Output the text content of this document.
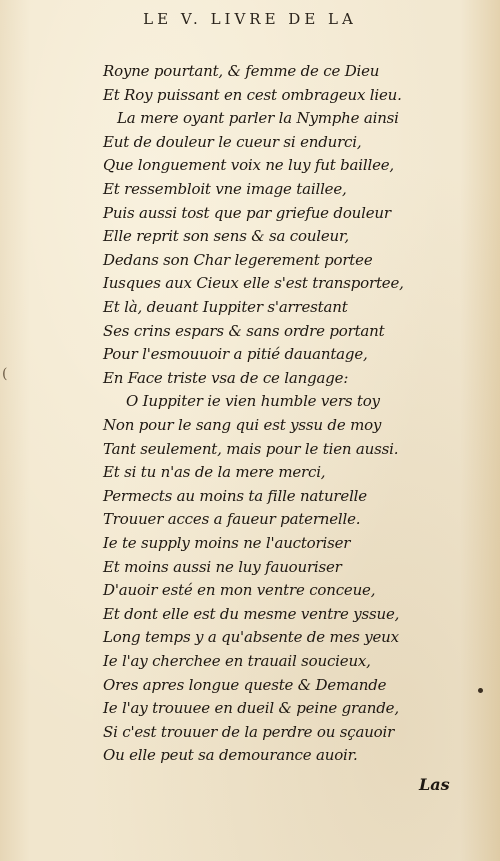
LE V. LIVRE DE LA
Royne pourtant, & femme de ce Dieu
Et Roy puissant en cest ombrageux lieu.
La mere oyant parler la Nymphe ainsi
Eut de douleur le cueur si endurci,
Que longuement voix ne luy fut baillee,
Et ressembloit vne image taillee,
Puis aussi tost que par griefue douleur
Elle reprit son sens & sa couleur,
Dedans son Char legerement portee
Iusques aux Cieux elle s'est transportee,
Et là, deuant Iuppiter s'arrestant
Ses crins espars & sans ordre portant
Pour l'esmouuoir a pitié dauantage,
En Face triste vsa de ce langage:
O Iuppiter ie vien humble vers toy
Non pour le sang qui est yssu de moy
Tant seulement, mais pour le tien aussi.
Et si tu n'as de la mere merci,
Permects au moins ta fille naturelle
Trouuer acces a faueur paternelle.
Ie te supply moins ne l'auctoriser
Et moins aussi ne luy fauouriser
D'auoir esté en mon ventre conceue,
Et dont elle est du mesme ventre yssue,
Long temps y a qu'absente de mes yeux
Ie l'ay cherchee en trauail soucieux,
Ores apres longue queste & Demande
Ie l'ay trouuee en dueil & peine grande,
Si c'est trouuer de la perdre ou sçauoir
Ou elle peut sa demourance auoir.
(
Las
